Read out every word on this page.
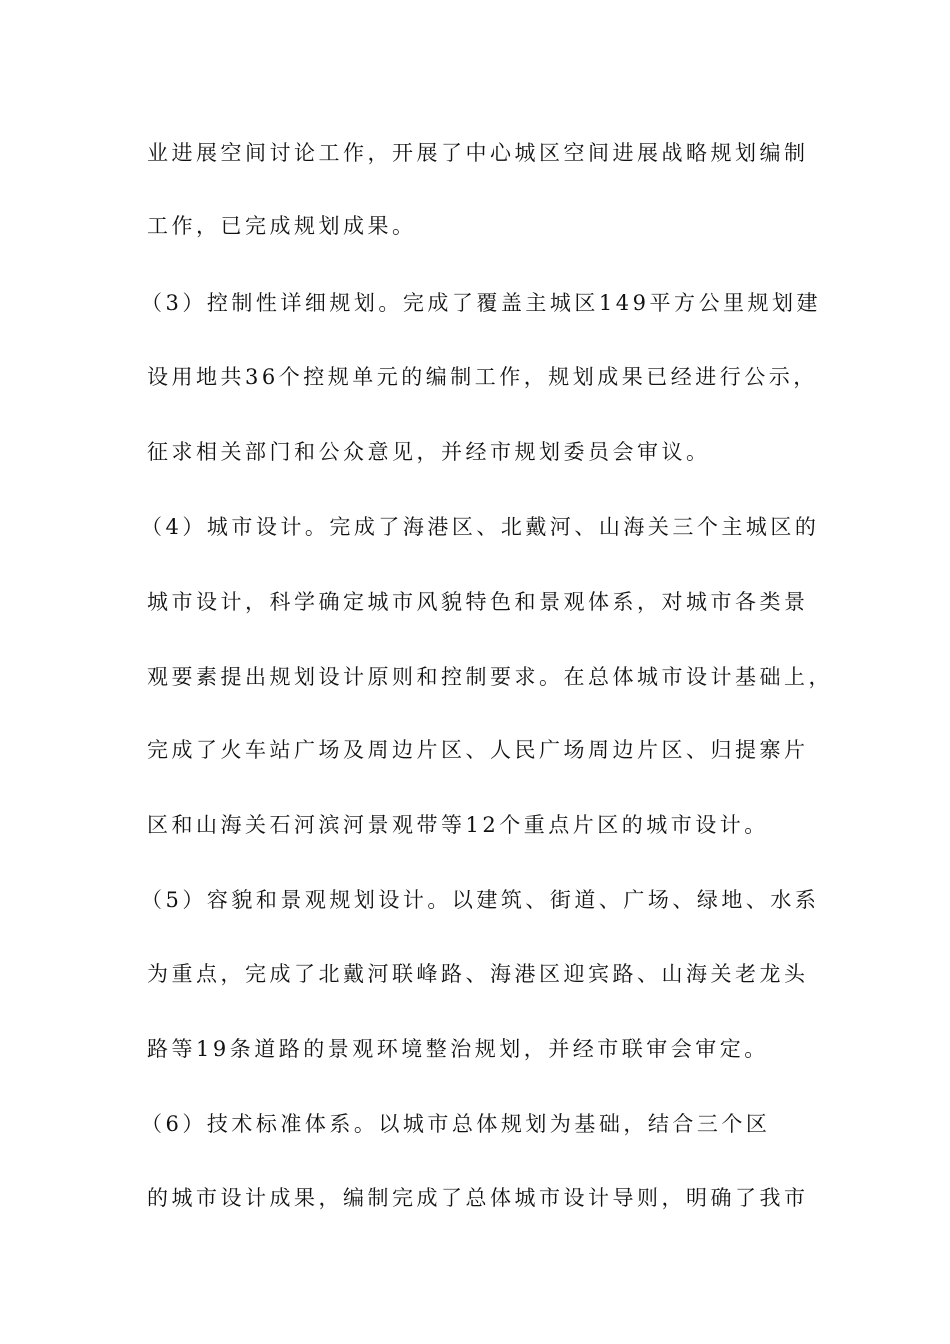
业进展空间讨论工作，开展了中心城区空间进展战略规划编制
工作，已完成规划成果。
（3）控制性详细规划。完成了覆盖主城区149平方公里规划建
设用地共36个控规单元的编制工作，规划成果已经进行公示，
征求相关部门和公众意见，并经市规划委员会审议。
（4）城市设计。完成了海港区、北戴河、山海关三个主城区的
城市设计，科学确定城市风貌特色和景观体系，对城市各类景
观要素提出规划设计原则和控制要求。在总体城市设计基础上，
完成了火车站广场及周边片区、人民广场周边片区、归提寨片
区和山海关石河滨河景观带等12个重点片区的城市设计。
（5）容貌和景观规划设计。以建筑、街道、广场、绿地、水系
为重点，完成了北戴河联峰路、海港区迎宾路、山海关老龙头
路等19条道路的景观环境整治规划，并经市联审会审定。
（6）技术标准体系。以城市总体规划为基础，结合三个区
的城市设计成果，编制完成了总体城市设计导则，明确了我市
